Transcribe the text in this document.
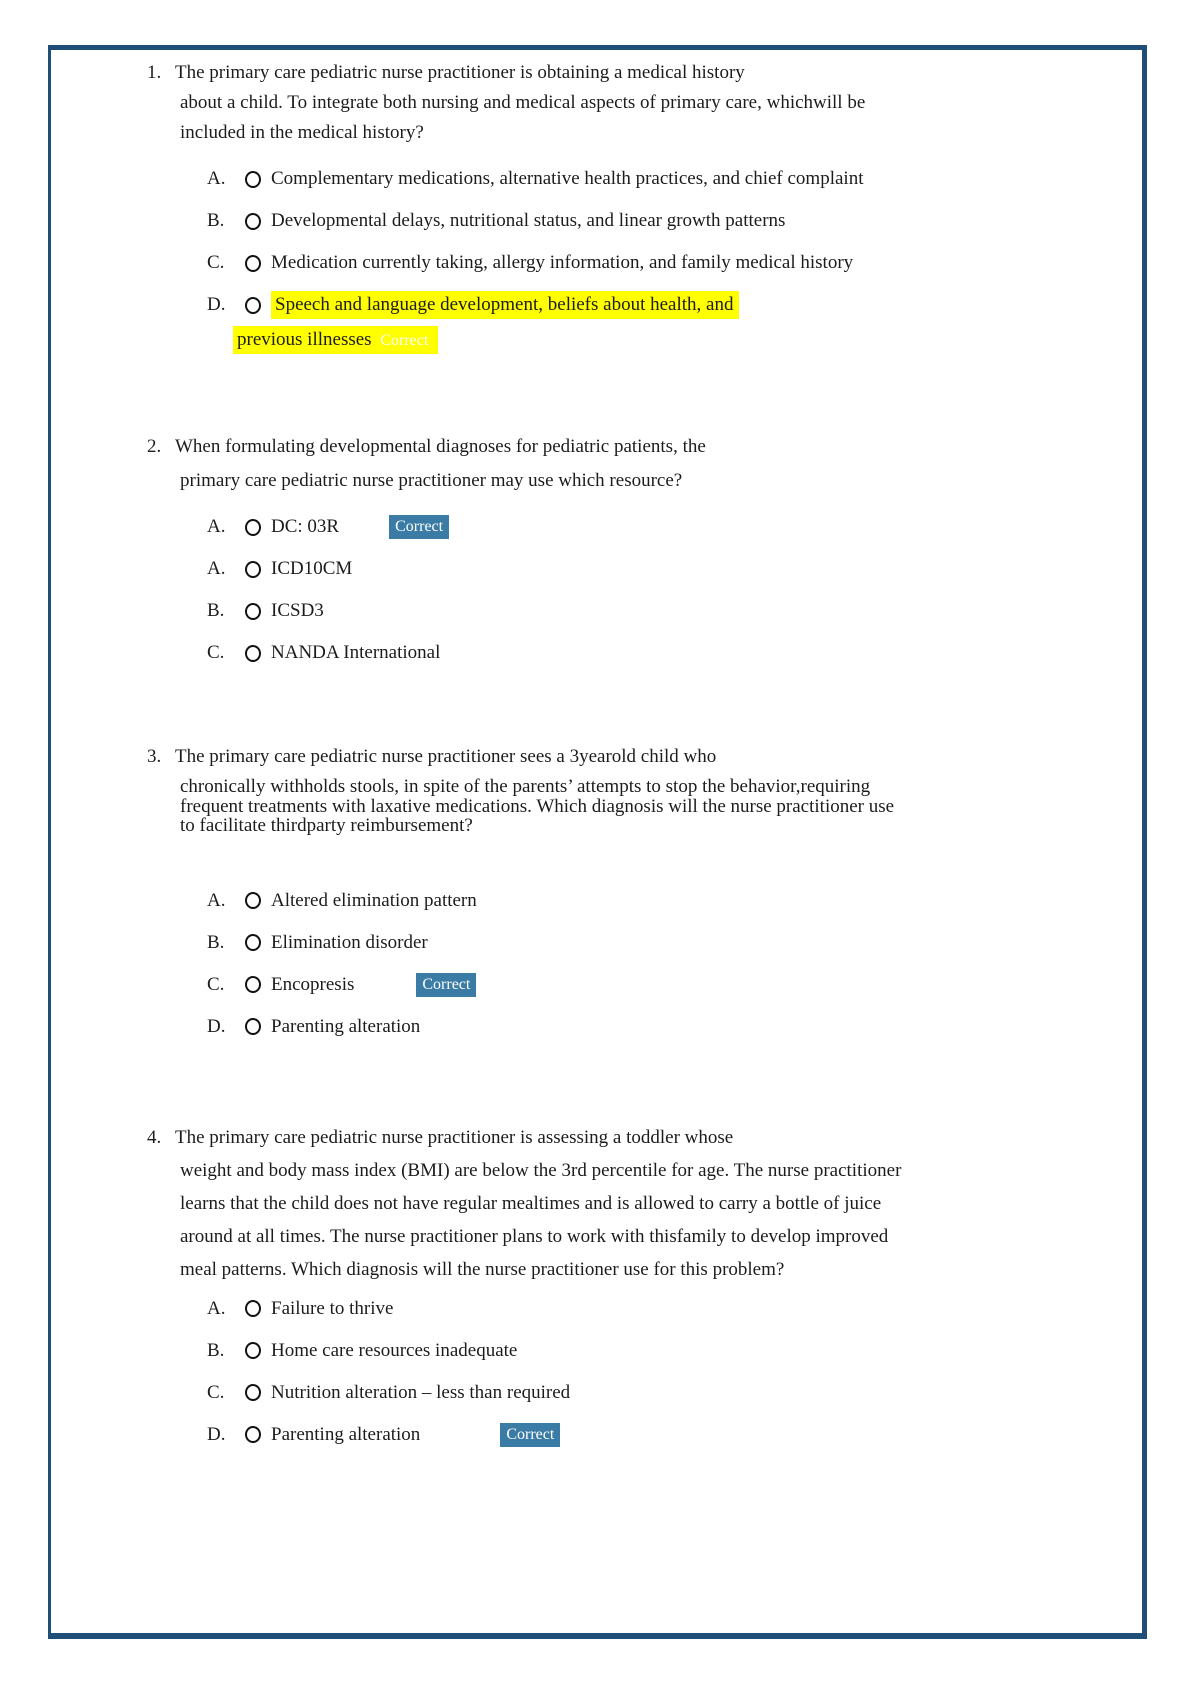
1. The primary care pediatric nurse practitioner is obtaining a medical history
about a child. To integrate both nursing and medical aspects of primary care, whichwill be
included in the medical history?
A.	Complementary medications, alternative health practices, and chief complaint
B.	Developmental delays, nutritional status, and linear growth patterns
C.	Medication currently taking, allergy information, and family medical history
D.	Speech and language development, beliefs about health, and
previous illnesses Correct
2. When formulating developmental diagnoses for pediatric patients, the
primary care pediatric nurse practitioner may use which resource?
A.	DC: 03R	Correct
A.	ICD10CM
B.	ICSD3
C.	NANDA International
3. The primary care pediatric nurse practitioner sees a 3yearold child who
chronically withholds stools, in spite of the parents’ attempts to stop the behavior,requiring
frequent treatments with laxative medications. Which diagnosis will the nurse practitioner use
to facilitate thirdparty reimbursement?
A.	Altered elimination pattern
B.	Elimination disorder
C.	Encopresis	Correct
D.	Parenting alteration
4. The primary care pediatric nurse practitioner is assessing a toddler whose
weight and body mass index (BMI) are below the 3rd percentile for age. The nurse practitioner
learns that the child does not have regular mealtimes and is allowed to carry a bottle of juice
around at all times. The nurse practitioner plans to work with thisfamily to develop improved
meal patterns. Which diagnosis will the nurse practitioner use for this problem?
A.	Failure to thrive
B.	Home care resources inadequate
C.	Nutrition alteration – less than required
D.	Parenting alteration	Correct
